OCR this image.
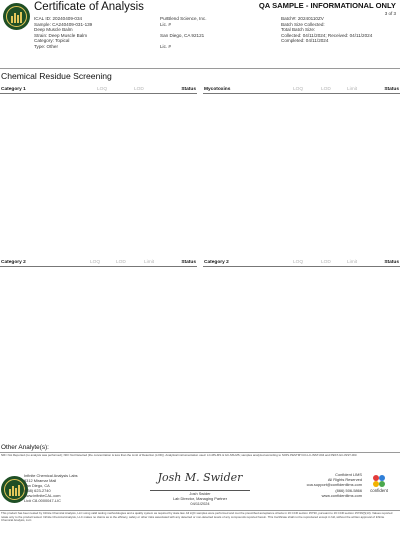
Certificate of Analysis	QA SAMPLE - INFORMATIONAL ONLY
3 of 3
ICAL ID: 20240409-034
Sample: CA240409-031-139
Deep Muscle Balm
Strain: Deep Muscle Balm
Category: Topical
Type: Other
PurBlend Science, Inc.
Lic. #

San Diego, CA 92121

Lic. #
Batch#: 20240110ZV
Batch Size Collected:
Total Batch Size:
Collected: 04/11/2024; Received: 04/11/2024
Completed: 04/11/2024
Chemical Residue Screening
Category 1	LOQ	LOD	Status Mycotoxins	LOQ	LOD	Limit	Status
Category 2	LOQ	LOD	Limit	Status Category 2	LOQ	LOD	Limit	Status
Other Analyte(s):
NR= Not Reported (no analysis was performed); ND= Not Detected (the concentration is less than the Limit of Detection (LOD)). Analytical instrumentation used: LC-MS-MS & GC-MS-MS; samples analyzed according to SOPs PESTMYCO-LC-INST-004 and PEST-GC-INST-003.
Infinite Chemical Analysis Labs
8312 Miramar Mall
San Diego, CA
(858) 623-2740
www.infiniteCAL.com
Lic# C8-0000047-LIC
Josh M. Swider
Josh Swider
Lab Director, Managing Partner
04/11/2024
Confident LIMS
All Rights Reserved
coa.support@confidentlims.com
(866) 506-5866
www.confidentlims.com
confident
This product has been tested by Infinite Chemical Analysis, LLC using valid testing methodologies and a quality system as required by state law. All LQC samples were performed and met the prescribed acceptance criteria in 16 CCR section 15730, pursuant to 16 CCR section 15726(f)(13). Values reported relate only to the product tested. Infinite Chemical Analysis, LLC makes no claims as to the efficacy, safety or other risks associated with any detected or non-detected levels of any compounds reported herein. This Certificate shall not be reproduced except in full, without the written approval of Infinite Chemical Analysis, LLC.
